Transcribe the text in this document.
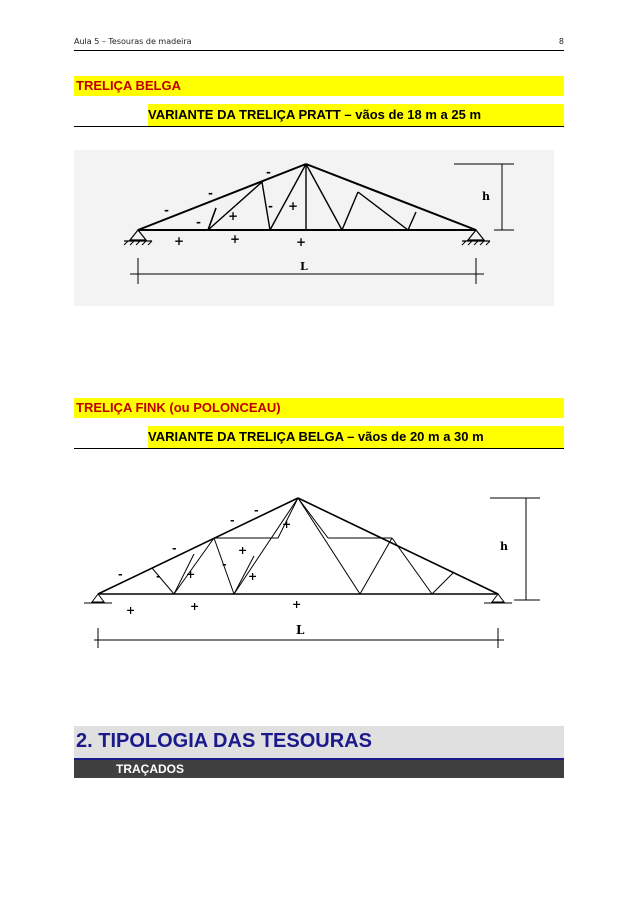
Aula 5 – Tesouras de madeira	8
TRELIÇA BELGA
VARIANTE DA TRELIÇA PRATT – vãos de 18 m a 25 m
h
L
-
-
-
-
-
+
+
+	+	+
TRELIÇA FINK (ou POLONCEAU)
VARIANTE DA TRELIÇA BELGA – vãos de 20 m a 30 m
h
L
-
-
-
-
-
-
+
+
+	+
+	+	+
2. TIPOLOGIA DAS TESOURAS
TRAÇADOS
